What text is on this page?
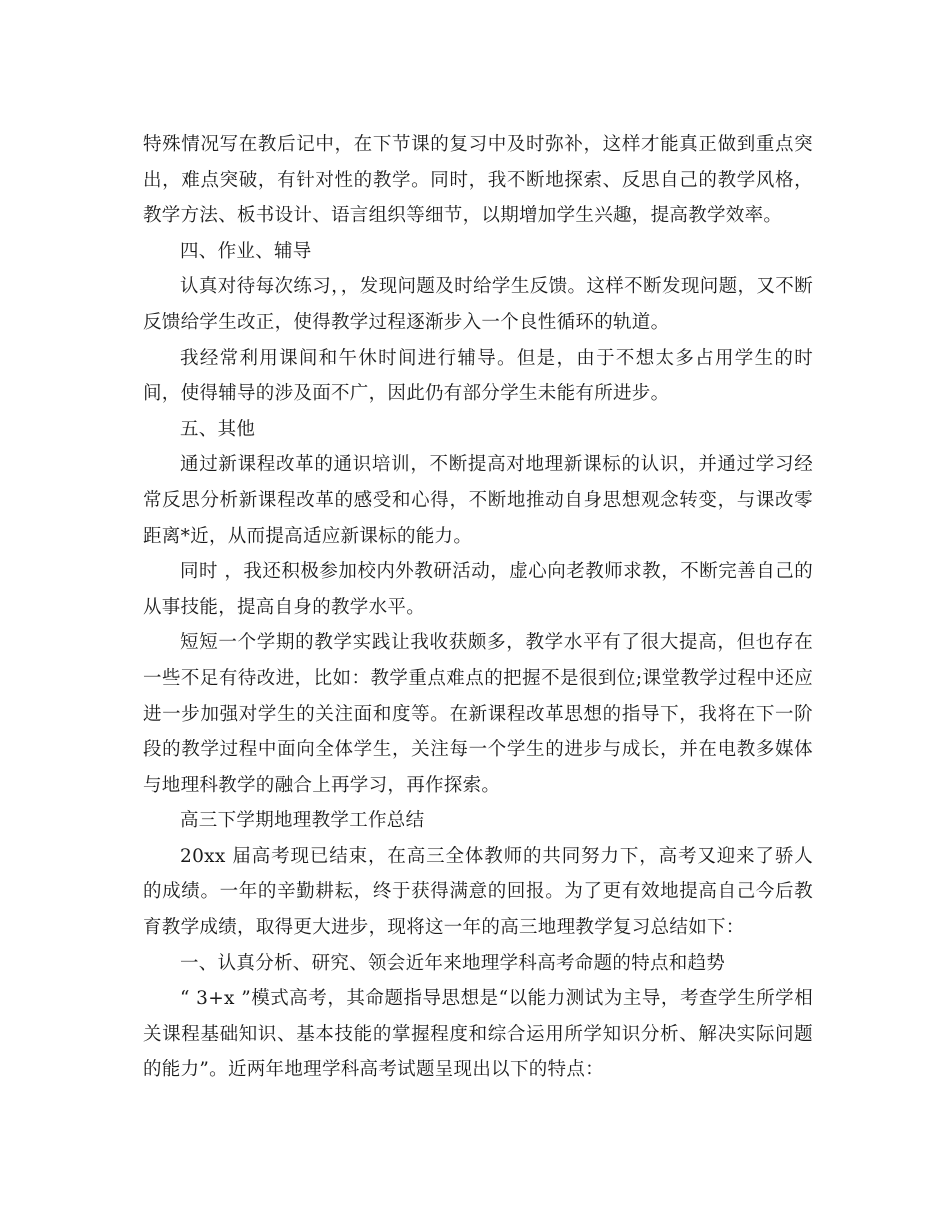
特殊情况写在教后记中，在下节课的复习中及时弥补，这样才能真正做到重点突出，难点突破，有针对性的教学。同时，我不断地探索、反思自己的教学风格，教学方法、板书设计、语言组织等细节，以期增加学生兴趣，提高教学效率。

四、作业、辅导

认真对待每次练习，，发现问题及时给学生反馈。这样不断发现问题，又不断反馈给学生改正，使得教学过程逐渐步入一个良性循环的轨道。

我经常利用课间和午休时间进行辅导。但是，由于不想太多占用学生的时间，使得辅导的涉及面不广，因此仍有部分学生未能有所进步。

五、其他

通过新课程改革的通识培训，不断提高对地理新课标的认识，并通过学习经常反思分析新课程改革的感受和心得，不断地推动自身思想观念转变，与课改零距离*近，从而提高适应新课标的能力。

同时 ，我还积极参加校内外教研活动，虚心向老教师求教，不断完善自己的从事技能，提高自身的教学水平。

短短一个学期的教学实践让我收获颇多，教学水平有了很大提高，但也存在一些不足有待改进，比如：教学重点难点的把握不是很到位;课堂教学过程中还应进一步加强对学生的关注面和度等。在新课程改革思想的指导下，我将在下一阶段的教学过程中面向全体学生，关注每一个学生的进步与成长，并在电教多媒体与地理科教学的融合上再学习，再作探索。

高三下学期地理教学工作总结

20xx 届高考现已结束，在高三全体教师的共同努力下，高考又迎来了骄人的成绩。一年的辛勤耕耘，终于获得满意的回报。为了更有效地提高自己今后教育教学成绩，取得更大进步，现将这一年的高三地理教学复习总结如下：

一、认真分析、研究、领会近年来地理学科高考命题的特点和趋势

“ 3+x ”模式高考，其命题指导思想是“以能力测试为主导，考查学生所学相关课程基础知识、基本技能的掌握程度和综合运用所学知识分析、解决实际问题的能力”。近两年地理学科高考试题呈现出以下的特点：
